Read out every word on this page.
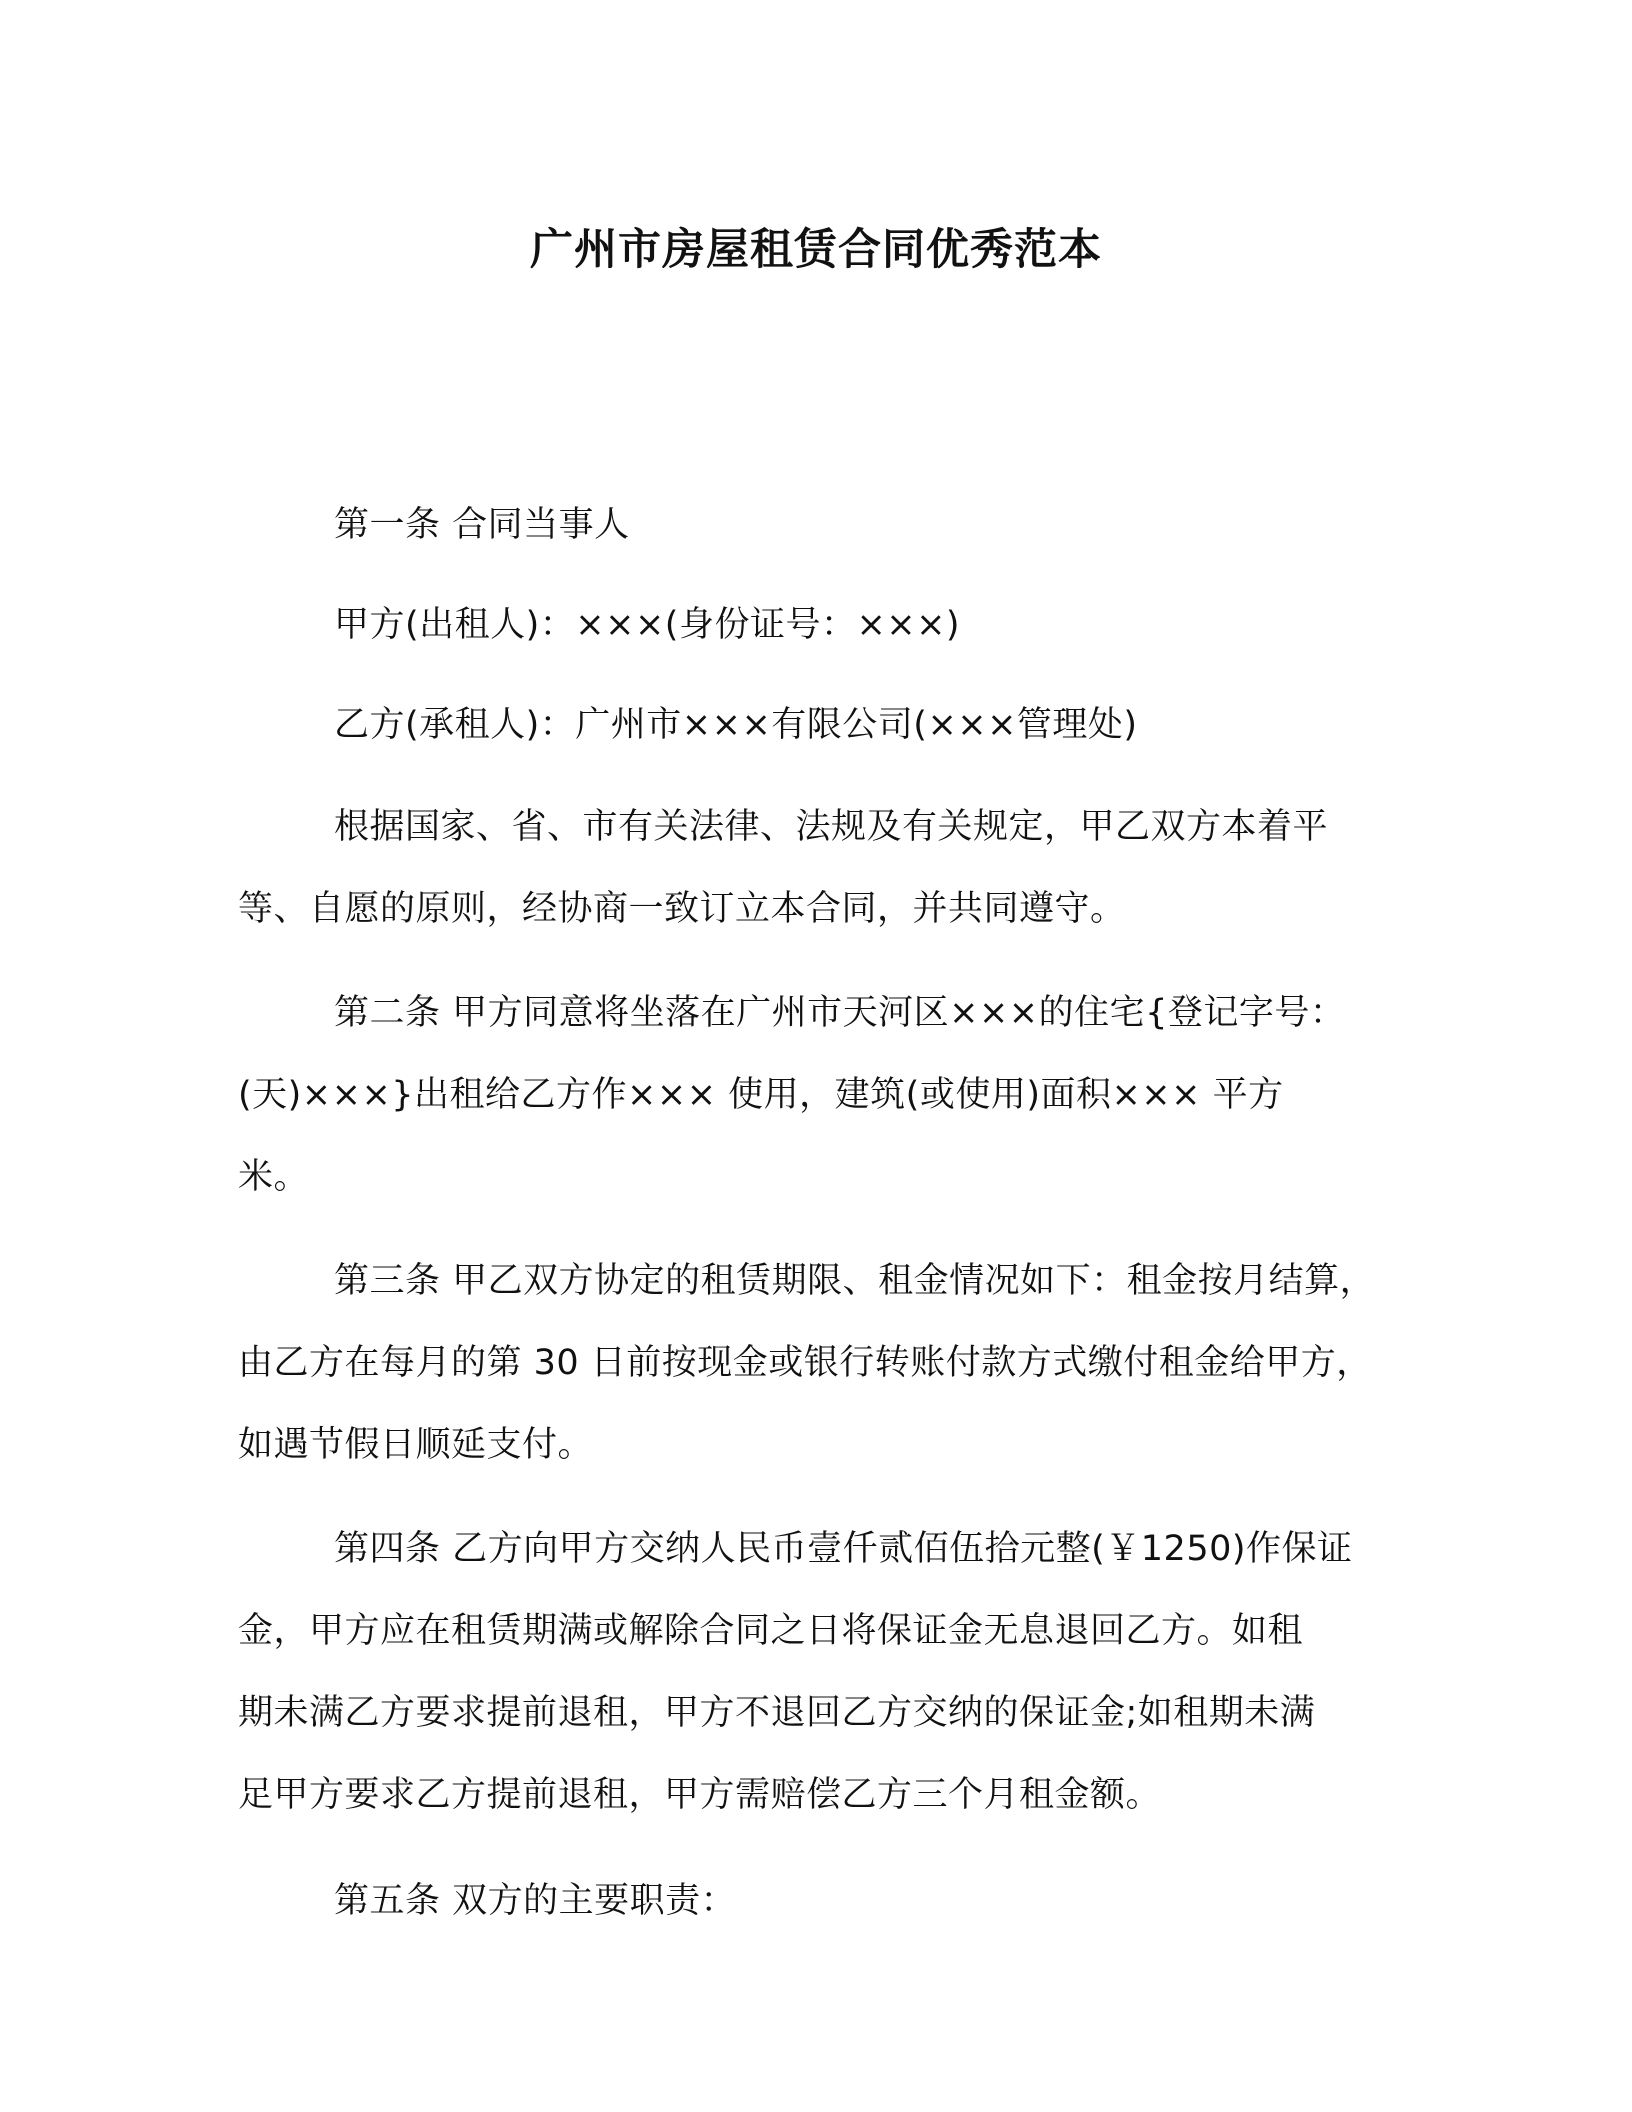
广州市房屋租赁合同优秀范本

第一条 合同当事人

甲方(出租人)：×××(身份证号：×××)

乙方(承租人)：广州市×××有限公司(×××管理处)

根据国家、省、市有关法律、法规及有关规定，甲乙双方本着平
等、自愿的原则，经协商一致订立本合同，并共同遵守。

第二条 甲方同意将坐落在广州市天河区×××的住宅{登记字号：
(天)×××}出租给乙方作××× 使用，建筑(或使用)面积××× 平方
米。

第三条 甲乙双方协定的租赁期限、租金情况如下：租金按月结算，
由乙方在每月的第 30 日前按现金或银行转账付款方式缴付租金给甲方，
如遇节假日顺延支付。

第四条 乙方向甲方交纳人民币壹仟贰佰伍拾元整(￥1250)作保证
金，甲方应在租赁期满或解除合同之日将保证金无息退回乙方。如租
期未满乙方要求提前退租，甲方不退回乙方交纳的保证金;如租期未满
足甲方要求乙方提前退租，甲方需赔偿乙方三个月租金额。

第五条 双方的主要职责：
